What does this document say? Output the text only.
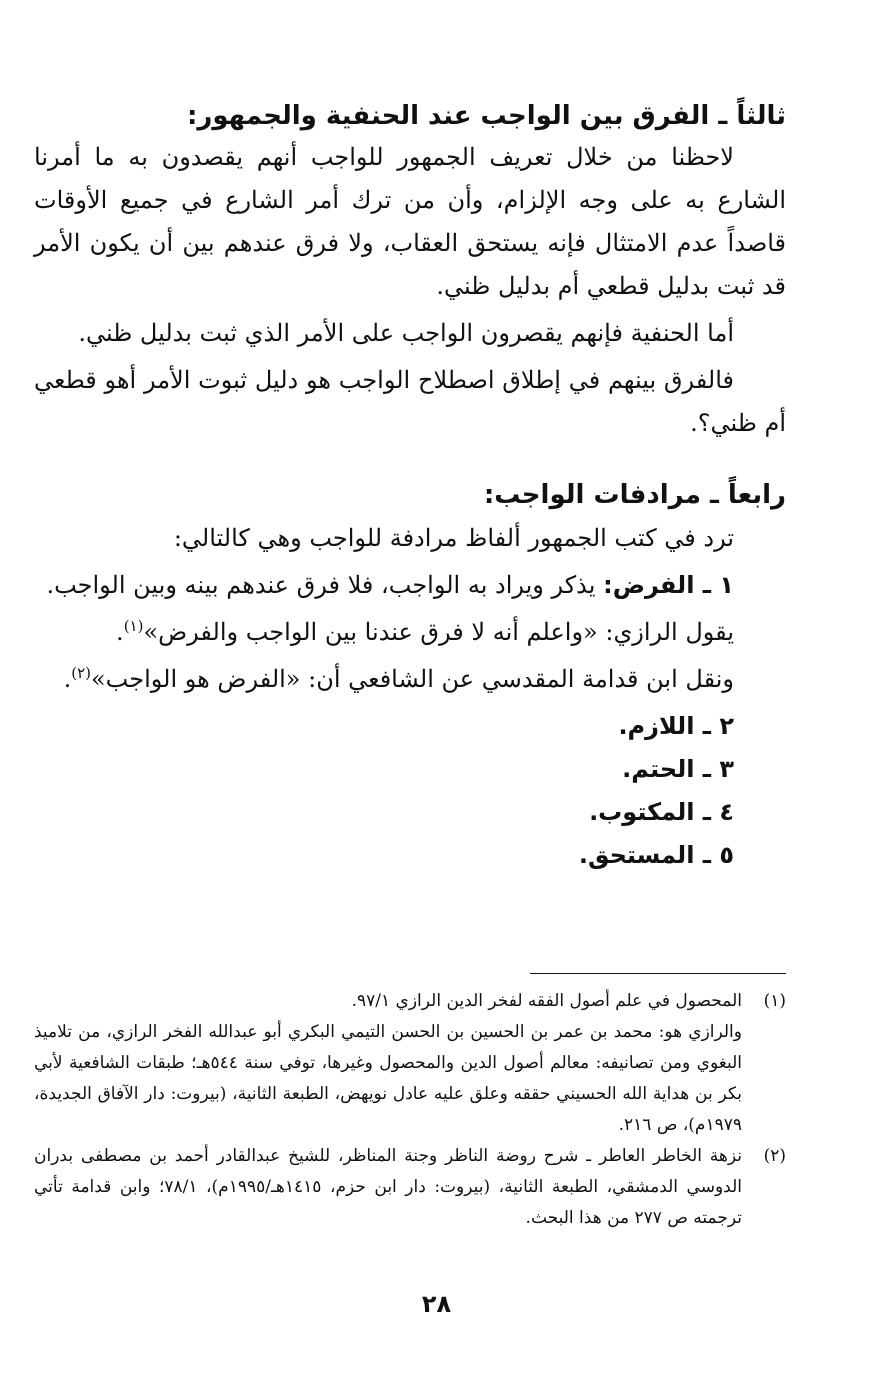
ثالثاً ـ الفرق بين الواجب عند الحنفية والجمهور:

لاحظنا من خلال تعريف الجمهور للواجب أنهم يقصدون به ما أمرنا الشارع به على وجه الإلزام، وأن من ترك أمر الشارع في جميع الأوقات قاصداً عدم الامتثال فإنه يستحق العقاب، ولا فرق عندهم بين أن يكون الأمر قد ثبت بدليل قطعي أم بدليل ظني.

أما الحنفية فإنهم يقصرون الواجب على الأمر الذي ثبت بدليل ظني.

فالفرق بينهم في إطلاق اصطلاح الواجب هو دليل ثبوت الأمر أهو قطعي أم ظني؟.

رابعاً ـ مرادفات الواجب:

ترد في كتب الجمهور ألفاظ مرادفة للواجب وهي كالتالي:

١ ـ الفرض: يذكر ويراد به الواجب، فلا فرق عندهم بينه وبين الواجب.

يقول الرازي: «واعلم أنه لا فرق عندنا بين الواجب والفرض»$^{(١)}$.

ونقل ابن قدامة المقدسي عن الشافعي أن: «الفرض هو الواجب»$^{(٢)}$.

٢ ـ اللازم.

٣ ـ الحتم.

٤ ـ المكتوب.

٥ ـ المستحق.

(١)
المحصول في علم أصول الفقه لفخر الدين الرازي ٩٧/١.
والرازي هو: محمد بن عمر بن الحسين بن الحسن التيمي البكري أبو عبدالله الفخر الرازي، من تلاميذ البغوي ومن تصانيفه: معالم أصول الدين والمحصول وغيرها، توفي سنة ٥٤٤هـ؛ طبقات الشافعية لأبي بكر بن هداية الله الحسيني حققه وعلق عليه عادل نويهض، الطبعة الثانية، (بيروت: دار الآفاق الجديدة، ١٩٧٩م)، ص ٢١٦.
(٢)
نزهة الخاطر العاطر ـ شرح روضة الناظر وجنة المناظر، للشيخ عبدالقادر أحمد بن مصطفى بدران الدوسي الدمشقي، الطبعة الثانية، (بيروت: دار ابن حزم، ١٤١٥هـ/١٩٩٥م)، ٧٨/١؛ وابن قدامة تأتي ترجمته ص ٢٧٧ من هذا البحث.
٢٨
